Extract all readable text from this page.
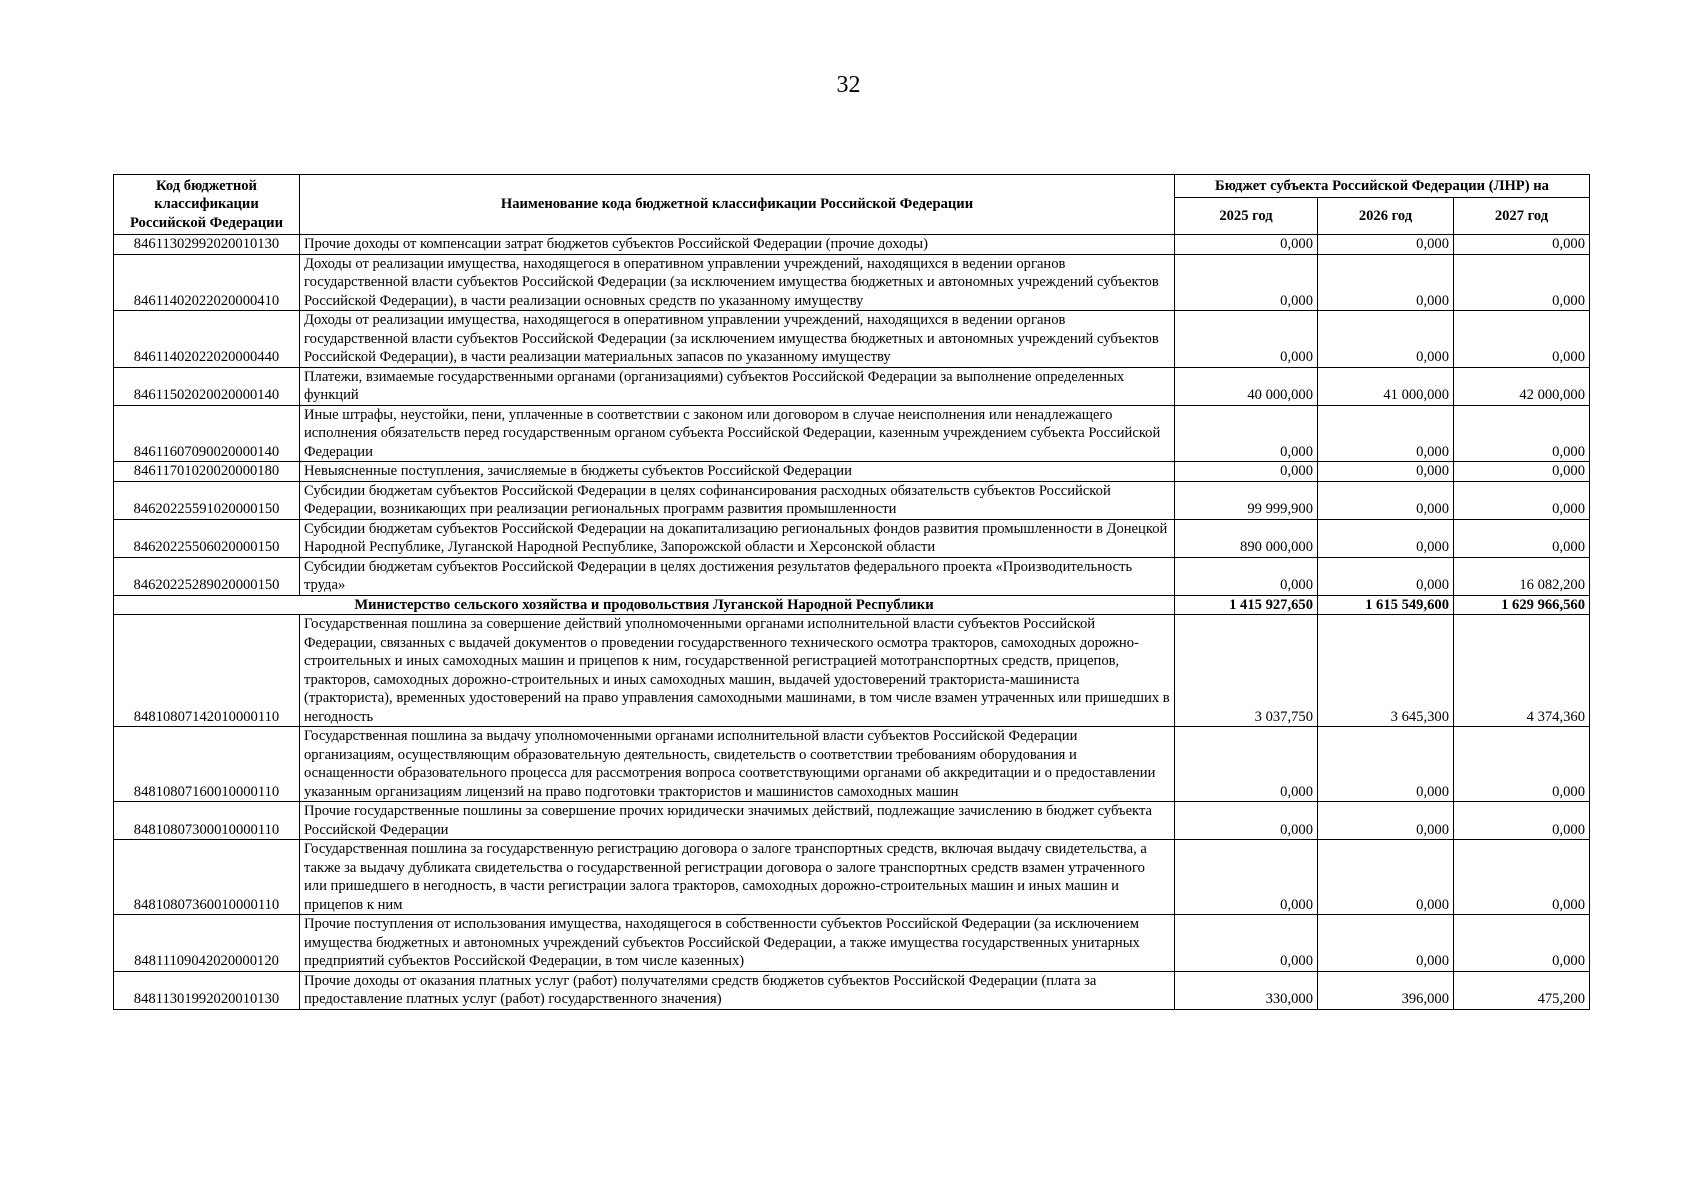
32
Код бюджетной классификации Российской Федерации	Наименование кода бюджетной классификации Российской Федерации	Бюджет субъекта Российской Федерации (ЛНР) на		
		2025 год	2026 год	2027 год
84611302992020010130	Прочие доходы от компенсации затрат бюджетов субъектов Российской Федерации (прочие доходы)	0,000	0,000	0,000
84611402022020000410	Доходы от реализации имущества, находящегося в оперативном управлении учреждений, находящихся в ведении органов государственной власти субъектов Российской Федерации (за исключением имущества бюджетных и автономных учреждений субъектов Российской Федерации), в части реализации основных средств по указанному имуществу	0,000	0,000	0,000
84611402022020000440	Доходы от реализации имущества, находящегося в оперативном управлении учреждений, находящихся в ведении органов государственной власти субъектов Российской Федерации (за исключением имущества бюджетных и автономных учреждений субъектов Российской Федерации), в части реализации материальных запасов по указанному имуществу	0,000	0,000	0,000
84611502020020000140	Платежи, взимаемые государственными органами (организациями) субъектов Российской Федерации за выполнение определенных функций	40 000,000	41 000,000	42 000,000
84611607090020000140	Иные штрафы, неустойки, пени, уплаченные в соответствии с законом или договором в случае неисполнения или ненадлежащего исполнения обязательств перед государственным органом субъекта Российской Федерации, казенным учреждением субъекта Российской Федерации	0,000	0,000	0,000
84611701020020000180	Невыясненные поступления, зачисляемые в бюджеты субъектов Российской Федерации	0,000	0,000	0,000
84620225591020000150	Субсидии бюджетам субъектов Российской Федерации в целях софинансирования расходных обязательств субъектов Российской Федерации, возникающих при реализации региональных программ развития промышленности	99 999,900	0,000	0,000
84620225506020000150	Субсидии бюджетам субъектов Российской Федерации на докапитализацию региональных фондов развития промышленности в Донецкой Народной Республике, Луганской Народной Республике, Запорожской области и Херсонской области	890 000,000	0,000	0,000
84620225289020000150	Субсидии бюджетам субъектов Российской Федерации в целях достижения результатов федерального проекта «Производительность труда»	0,000	0,000	16 082,200
Министерство сельского хозяйства и продовольствия Луганской Народной Республики		1 415 927,650	1 615 549,600	1 629 966,560
84810807142010000110	Государственная пошлина за совершение действий уполномоченными органами исполнительной власти субъектов Российской Федерации, связанных с выдачей документов о проведении государственного технического осмотра тракторов, самоходных дорожно-строительных и иных самоходных машин и прицепов к ним, государственной регистрацией мототранспортных средств, прицепов, тракторов, самоходных дорожно-строительных и иных самоходных машин, выдачей удостоверений тракториста-машиниста (тракториста), временных удостоверений на право управления самоходными машинами, в том числе взамен утраченных или пришедших в негодность	3 037,750	3 645,300	4 374,360
84810807160010000110	Государственная пошлина за выдачу уполномоченными органами исполнительной власти субъектов Российской Федерации организациям, осуществляющим образовательную деятельность, свидетельств о соответствии требованиям оборудования и оснащенности образовательного процесса для рассмотрения вопроса соответствующими органами об аккредитации и о предоставлении указанным организациям лицензий на право подготовки трактористов и машинистов самоходных машин	0,000	0,000	0,000
84810807300010000110	Прочие государственные пошлины за совершение прочих юридически значимых действий, подлежащие зачислению в бюджет субъекта Российской Федерации	0,000	0,000	0,000
84810807360010000110	Государственная пошлина за государственную регистрацию договора о залоге транспортных средств, включая выдачу свидетельства, а также за выдачу дубликата свидетельства о государственной регистрации договора о залоге транспортных средств взамен утраченного или пришедшего в негодность, в части регистрации залога тракторов, самоходных дорожно-строительных машин и иных машин и прицепов к ним	0,000	0,000	0,000
84811109042020000120	Прочие поступления от использования имущества, находящегося в собственности субъектов Российской Федерации (за исключением имущества бюджетных и автономных учреждений субъектов Российской Федерации, а также имущества государственных унитарных предприятий субъектов Российской Федерации, в том числе казенных)	0,000	0,000	0,000
84811301992020010130	Прочие доходы от оказания платных услуг (работ) получателями средств бюджетов субъектов Российской Федерации (плата за предоставление платных услуг (работ) государственного значения)	330,000	396,000	475,200
